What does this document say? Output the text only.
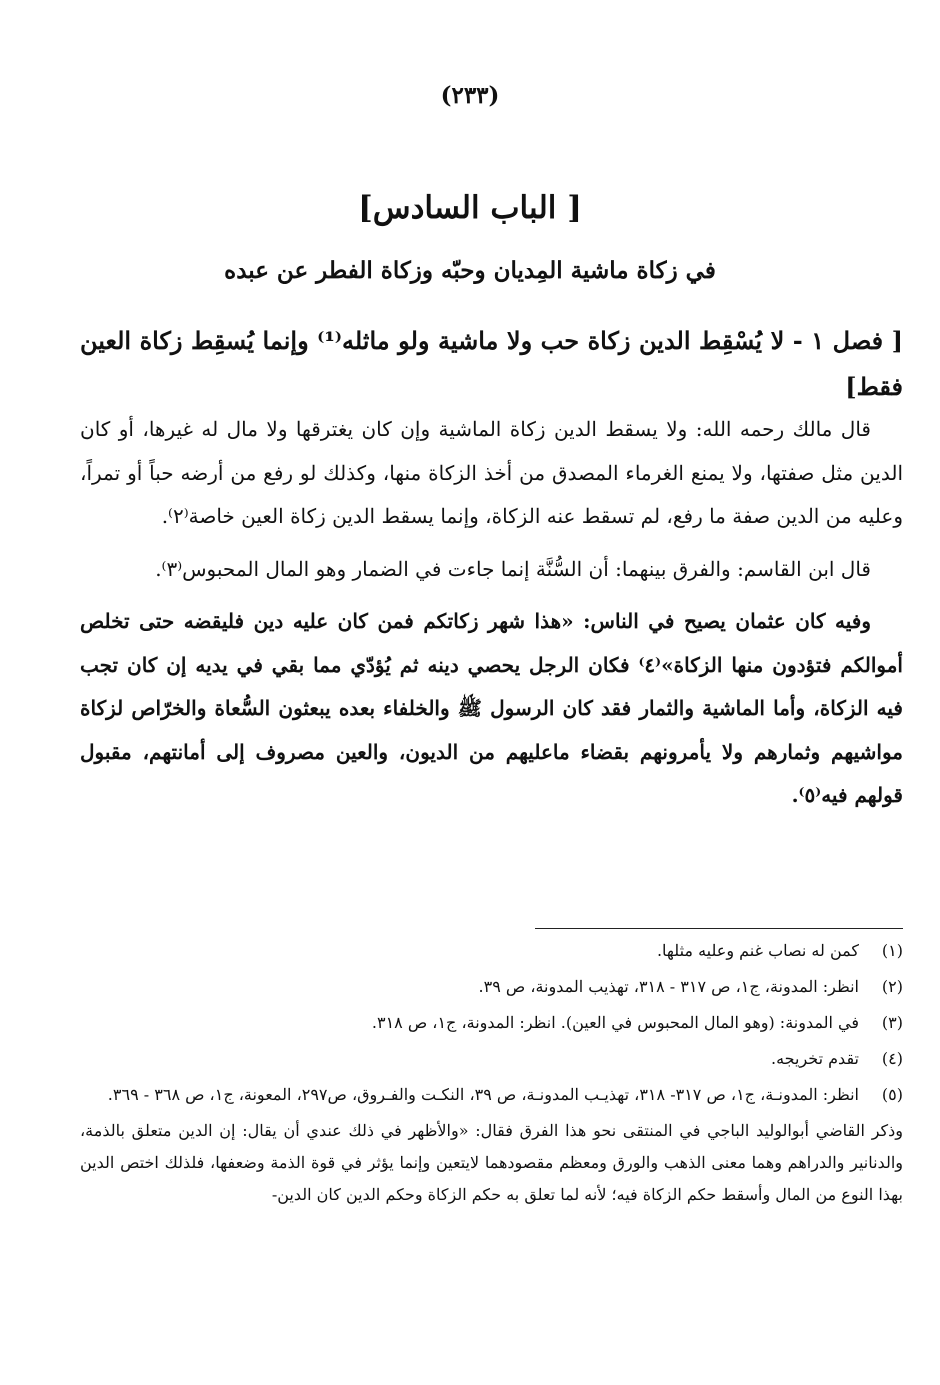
(٢٣٣)
[ الباب السادس]
في زكاة ماشية المِديان وحبّه وزكاة الفطر عن عبده
[ فصل ١ - لا يُسْقِط الدين زكاة حب ولا ماشية ولو ماثله⁽¹⁾ وإنما يُسقِط زكاة العين فقط]

قال مالك رحمه الله: ولا يسقط الدين زكاة الماشية وإن كان يغترقها ولا مال له غيرها، أو كان الدين مثل صفتها، ولا يمنع الغرماء المصدق من أخذ الزكاة منها، وكذلك لو رفع من أرضه حباً أو تمراً، وعليه من الدين صفة ما رفع، لم تسقط عنه الزكاة، وإنما يسقط الدين زكاة العين خاصة⁽٢⁾.

قال ابن القاسم: والفرق بينهما: أن السُّنَّة إنما جاءت في الضمار وهو المال المحبوس⁽٣⁾.

وفيه كان عثمان يصيح في الناس: «هذا شهر زكاتكم فمن كان عليه دين فليقضه حتى تخلص أموالكم فتؤدون منها الزكاة»⁽٤⁾ فكان الرجل يحصي دينه ثم يُؤدّي مما بقي في يديه إن كان تجب فيه الزكاة، وأما الماشية والثمار فقد كان الرسول ﷺ والخلفاء بعده يبعثون السُّعاة والخرّاص لزكاة مواشيهم وثمارهم ولا يأمرونهم بقضاء ماعليهم من الديون، والعين مصروف إلى أمانتهم، مقبول قولهم فيه⁽٥⁾.

(١)
كمن له نصاب غنم وعليه مثلها.
(٢)
انظر: المدونة، ج١، ص ٣١٧ - ٣١٨، تهذيب المدونة، ص ٣٩.
(٣)
في المدونة: (وهو المال المحبوس في العين). انظر: المدونة، ج١، ص ٣١٨.
(٤)
تقدم تخريجه.
(٥)
انظر: المدونـة، ج١، ص ٣١٧- ٣١٨، تهذيـب المدونـة، ص ٣٩، النكـت والفـروق، ص٢٩٧، المعونة، ج١، ص ٣٦٨ - ٣٦٩.
وذكر القاضي أبوالوليد الباجي في المنتقى نحو هذا الفرق فقال: «والأظهر في ذلك عندي أن يقال: إن الدين متعلق بالذمة، والدنانير والدراهم وهما معنى الذهب والورق ومعظم مقصودهما لايتعين وإنما يؤثر في قوة الذمة وضعفها، فلذلك اختص الدين بهذا النوع من المال وأسقط حكم الزكاة فيه؛ لأنه لما تعلق به حكم الزكاة وحكم الدين كان الدين-
